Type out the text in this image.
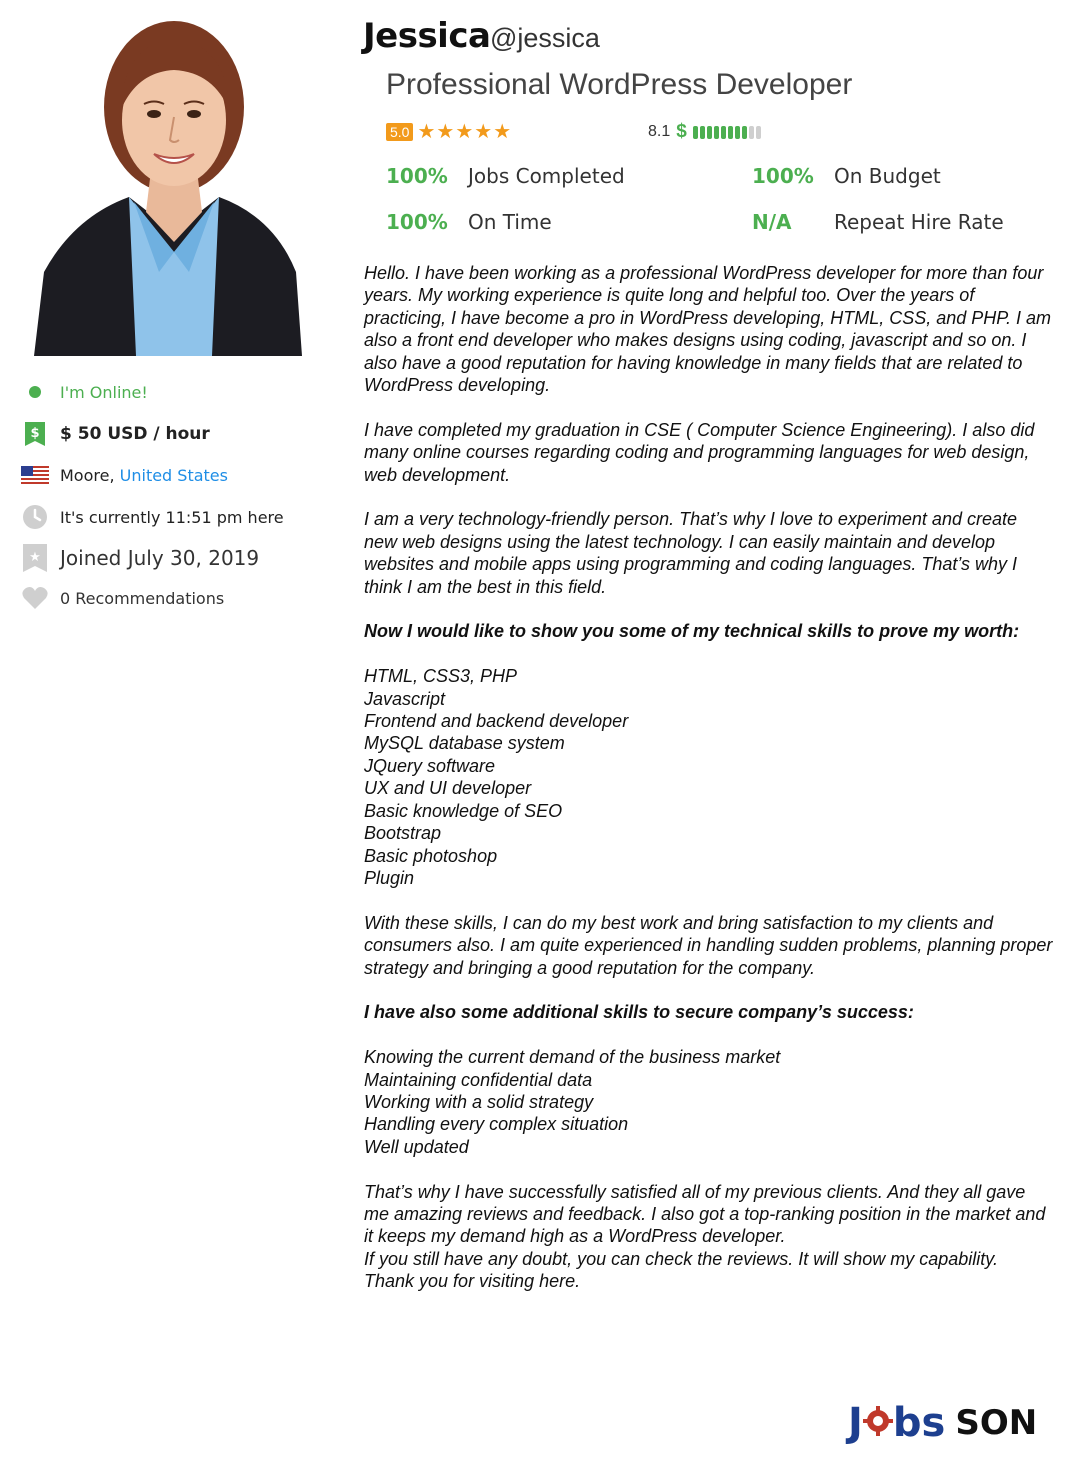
I'm Online!
$ $ 50 USD / hour
Moore,
United States
It's currently 11:51 pm here
★ Joined July 30, 2019
0 Recommendations
Jessica @jessica
Professional WordPress Developer
5.0 ★★★★★	8.1 $
100% Jobs Completed	100% On Budget
100% On Time	N/A Repeat Hire Rate

Hello. I have been working as a professional WordPress developer for more than four years. My working experience is quite long and helpful too. Over the years of practicing, I have become a pro in WordPress developing, HTML, CSS, and PHP. I am also a front end developer who makes designs using coding, javascript and so on. I also have a good reputation for having knowledge in many fields that are related to WordPress developing.

I have completed my graduation in CSE ( Computer Science Engineering). I also did many online courses regarding coding and programming languages for web design, web development.

I am a very technology-friendly person. That’s why I love to experiment and create new web designs using the latest technology. I can easily maintain and develop websites and mobile apps using programming and coding languages. That’s why I think I am the best in this field.

Now I would like to show you some of my technical skills to prove my worth:

HTML, CSS3, PHP
Javascript
Frontend and backend developer
MySQL database system
JQuery software
UX and UI developer
Basic knowledge of SEO
Bootstrap
Basic photoshop
Plugin

With these skills, I can do my best work and bring satisfaction to my clients and consumers also. I am quite experienced in handling sudden problems, planning proper strategy and bringing a good reputation for the company.

I have also some additional skills to secure company’s success:

Knowing the current demand of the business market
Maintaining confidential data
Working with a solid strategy
Handling every complex situation
Well updated
That’s why I have successfully satisfied all of my previous clients. And they all gave me amazing reviews and feedback. I also got a top-ranking position in the market and it keeps my demand high as a WordPress developer.
If you still have any doubt, you can check the reviews. It will show my capability.
Thank you for visiting here.
J bs SON
